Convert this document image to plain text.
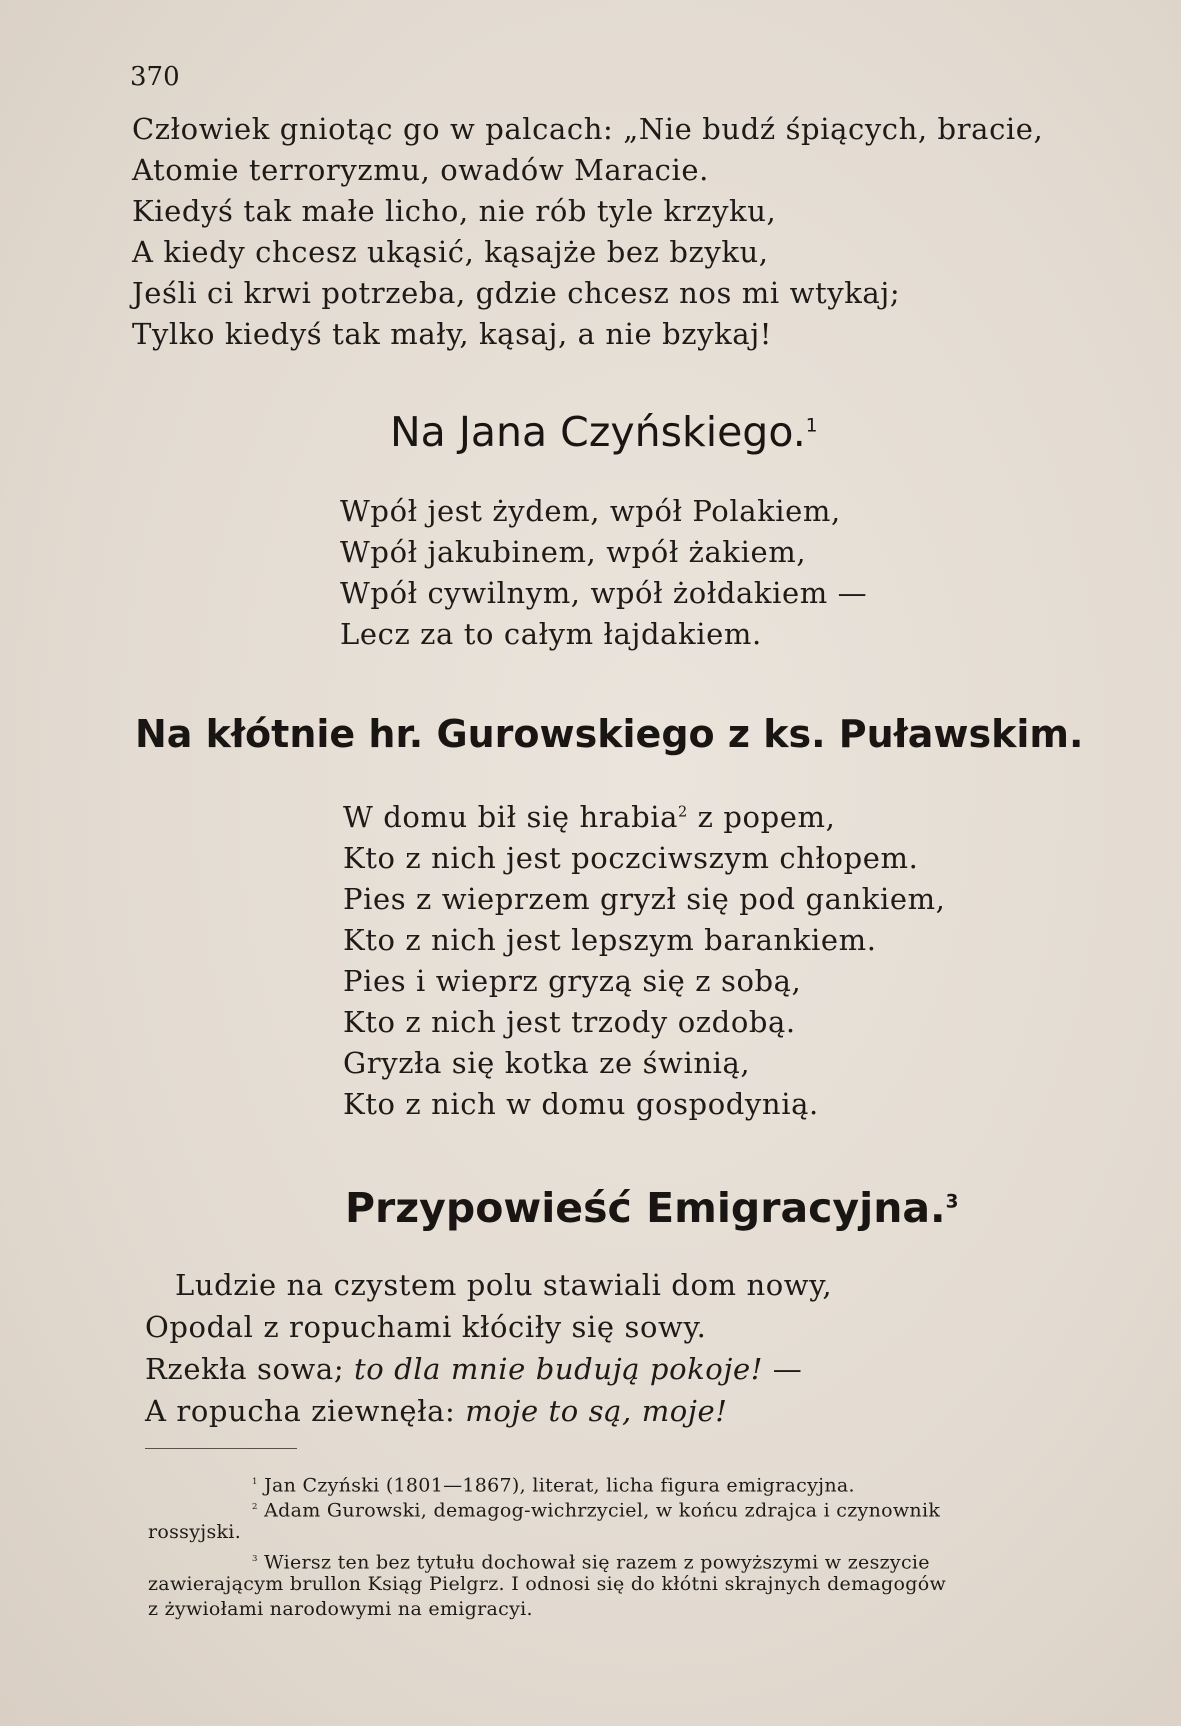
370
Człowiek gniotąc go w palcach: „Nie budź śpiących, bracie,
Atomie terroryzmu, owadów Maracie.
Kiedyś tak małe licho, nie rób tyle krzyku,
A kiedy chcesz ukąsić, kąsajże bez bzyku,
Jeśli ci krwi potrzeba, gdzie chcesz nos mi wtykaj;
Tylko kiedyś tak mały, kąsaj, a nie bzykaj!
Na Jana Czyńskiego.$^1$
Wpół jest żydem, wpół Polakiem,
Wpół jakubinem, wpół żakiem,
Wpół cywilnym, wpół żołdakiem —
Lecz za to całym łajdakiem.
Na kłótnie hr. Gurowskiego z ks. Puławskim.
W domu bił się hrabia$^2$ z popem,
Kto z nich jest poczciwszym chłopem.
Pies z wieprzem gryzł się pod gankiem,
Kto z nich jest lepszym barankiem.
Pies i wieprz gryzą się z sobą,
Kto z nich jest trzody ozdobą.
Gryzła się kotka ze świnią,
Kto z nich w domu gospodynią.
Przypowieść Emigracyjna.$^3$
Ludzie na czystem polu stawiali dom nowy,
Opodal z ropuchami kłóciły się sowy.
Rzekła sowa; to dla mnie budują pokoje! —
A ropucha ziewnęła: moje to są, moje!
$^1$ Jan Czyński (1801—1867), literat, licha figura emigracyjna.
$^2$ Adam Gurowski, demagog-wichrzyciel, w końcu zdrajca i czynownik
rossyjski.
$^3$ Wiersz ten bez tytułu dochował się razem z powyższymi w zeszycie
zawierającym brullon Ksiąg Pielgrz. I odnosi się do kłótni skrajnych demagogów
z żywiołami narodowymi na emigracyi.
